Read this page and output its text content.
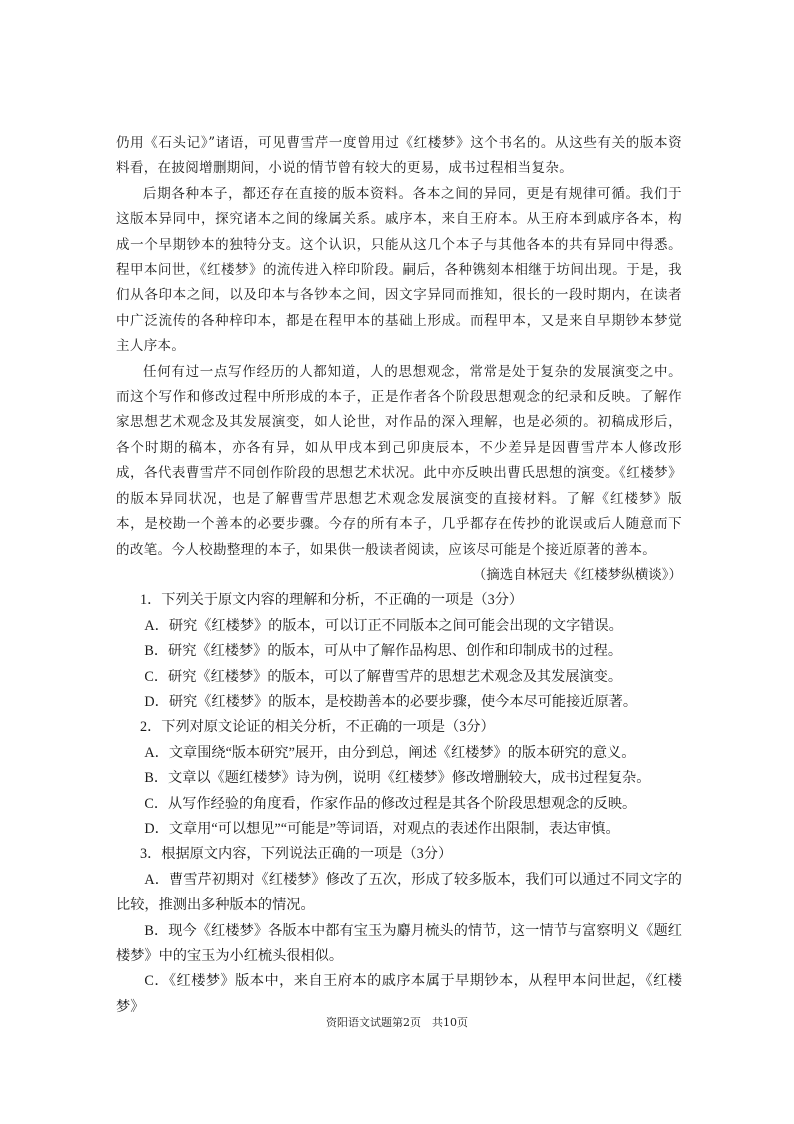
仍用《石头记》”诸语，可见曹雪芹一度曾用过《红楼梦》这个书名的。从这些有关的版本资料看，在披阅增删期间，小说的情节曾有较大的更易，成书过程相当复杂。

后期各种本子，都还存在直接的版本资料。各本之间的异同，更是有规律可循。我们于这版本异同中，探究诸本之间的缘属关系。戚序本，来自王府本。从王府本到戚序各本，构成一个早期钞本的独特分支。这个认识，只能从这几个本子与其他各本的共有异同中得悉。程甲本问世，《红楼梦》的流传进入梓印阶段。嗣后，各种镌刻本相继于坊间出现。于是，我们从各印本之间，以及印本与各钞本之间，因文字异同而推知，很长的一段时期内，在读者中广泛流传的各种梓印本，都是在程甲本的基础上形成。而程甲本，又是来自早期钞本梦觉主人序本。

任何有过一点写作经历的人都知道，人的思想观念，常常是处于复杂的发展演变之中。而这个写作和修改过程中所形成的本子，正是作者各个阶段思想观念的纪录和反映。了解作家思想艺术观念及其发展演变，如人论世，对作品的深入理解，也是必须的。初稿成形后，各个时期的稿本，亦各有异，如从甲戌本到己卯庚辰本，不少差异是因曹雪芹本人修改形成，各代表曹雪芹不同创作阶段的思想艺术状况。此中亦反映出曹氏思想的演变。《红楼梦》的版本异同状况，也是了解曹雪芹思想艺术观念发展演变的直接材料。了解《红楼梦》版本，是校勘一个善本的必要步骤。今存的所有本子，几乎都存在传抄的讹误或后人随意而下的改笔。今人校勘整理的本子，如果供一般读者阅读，应该尽可能是个接近原著的善本。

（摘选自林冠夫《红楼梦纵横谈》）

1．下列关于原文内容的理解和分析，不正确的一项是（3分）

A．研究《红楼梦》的版本，可以订正不同版本之间可能会出现的文字错误。

B．研究《红楼梦》的版本，可从中了解作品构思、创作和印制成书的过程。

C．研究《红楼梦》的版本，可以了解曹雪芹的思想艺术观念及其发展演变。

D．研究《红楼梦》的版本，是校勘善本的必要步骤，使今本尽可能接近原著。

2．下列对原文论证的相关分析，不正确的一项是（3分）

A．文章围绕“版本研究”展开，由分到总，阐述《红楼梦》的版本研究的意义。

B．文章以《题红楼梦》诗为例，说明《红楼梦》修改增删较大，成书过程复杂。

C．从写作经验的角度看，作家作品的修改过程是其各个阶段思想观念的反映。

D．文章用“可以想见”“可能是”等词语，对观点的表述作出限制，表达审慎。

3．根据原文内容，下列说法正确的一项是（3分）

A．曹雪芹初期对《红楼梦》修改了五次，形成了较多版本，我们可以通过不同文字的比较，推测出多种版本的情况。

B．现今《红楼梦》各版本中都有宝玉为麝月梳头的情节，这一情节与富察明义《题红楼梦》中的宝玉为小红梳头很相似。

C．《红楼梦》版本中，来自王府本的戚序本属于早期钞本，从程甲本问世起，《红楼梦》

资阳语文试题第2页　共10页
